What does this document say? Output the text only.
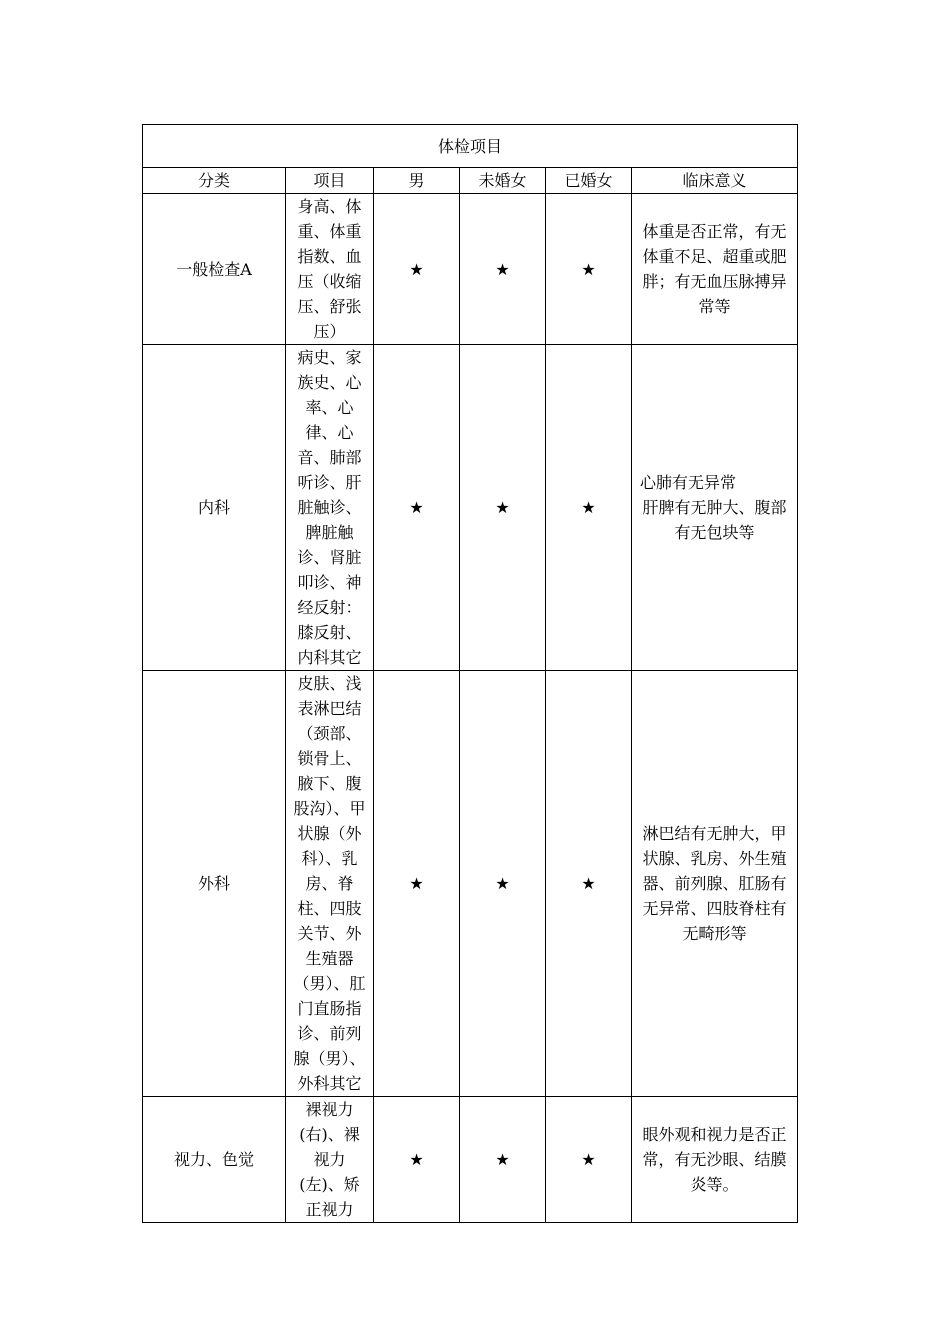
体检项目					
分类	项目	男	未婚女	已婚女	临床意义
一般检查A	身高、体重、体重指数、血压（收缩压、舒张压）	★	★	★	体重是否正常，有无体重不足、超重或肥胖；有无血压脉搏异常等

内科	病史、家族史、心率、心律、心音、肺部听诊、肝脏触诊、脾脏触诊、肾脏叩诊、神经反射：膝反射、内科其它	★	★	★	心肺有无异常
肝脾有无肿大、腹部有无包块等

外科	皮肤、浅表淋巴结（颈部、锁骨上、腋下、腹股沟）、甲状腺（外科）、乳房、脊柱、四肢关节、外生殖器（男）、肛门直肠指诊、前列腺（男）、外科其它	★	★	★	淋巴结有无肿大，甲状腺、乳房、外生殖器、前列腺、肛肠有无异常、四肢脊柱有无畸形等

视力、色觉	裸视力(右)、裸视力(左)、矫正视力	★	★	★	眼外观和视力是否正常，有无沙眼、结膜炎等。
